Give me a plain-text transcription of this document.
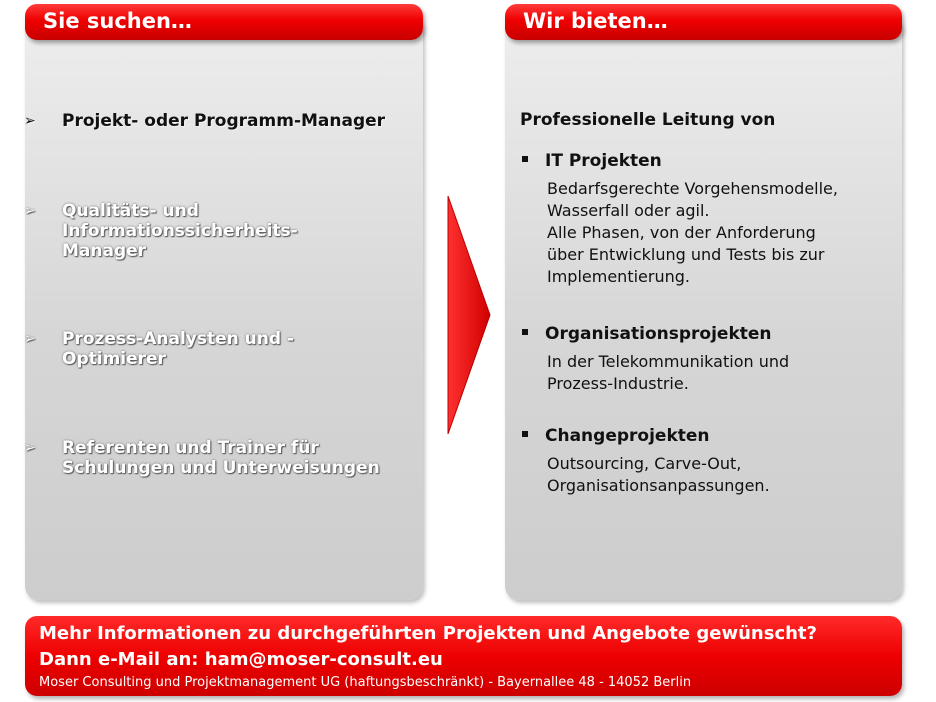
Sie suchen…	Wir bieten…
➢ Projekt- oder Programm-Manager
➢ Qualitäts- und Informationssicherheits-Manager
➢ Prozess-Analysten und -Optimierer
➢ Referenten und Trainer für Schulungen und Unterweisungen
Professionelle Leitung von
IT Projekten
Bedarfsgerechte Vorgehensmodelle,
Wasserfall oder agil.
Alle Phasen, von der Anforderung
über Entwicklung und Tests bis zur
Implementierung.
Organisationsprojekten
In der Telekommunikation und
Prozess-Industrie.
Changeprojekten
Outsourcing, Carve-Out,
Organisationsanpassungen.
Mehr Informationen zu durchgeführten Projekten und Angebote gewünscht?
Dann e-Mail an: ham@moser-consult.eu
Moser Consulting und Projektmanagement UG (haftungsbeschränkt) - Bayernallee 48 - 14052 Berlin
